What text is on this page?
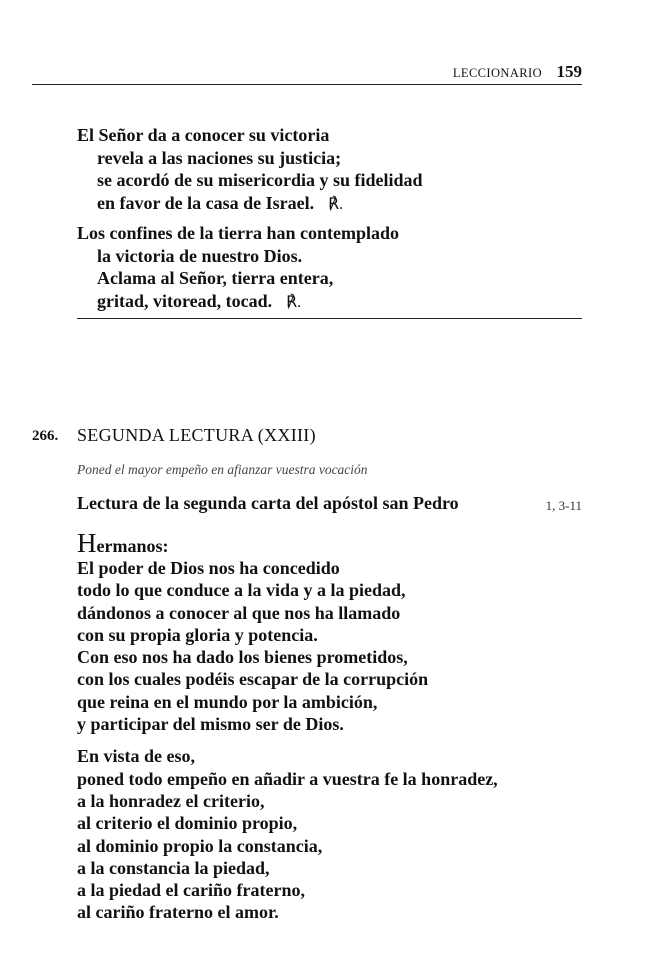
LECCIONARIO 159
El Señor da a conocer su victoria
revela a las naciones su justicia;
se acordó de su misericordia y su fidelidad
en favor de la casa de Israel. ℟.
Los confines de la tierra han contemplado
la victoria de nuestro Dios.
Aclama al Señor, tierra entera,
gritad, vitoread, tocad. ℟.
266. SEGUNDA LECTURA (XXIII)
Poned el mayor empeño en afianzar vuestra vocación
Lectura de la segunda carta del apóstol san Pedro	1, 3-11
Hermanos:
El poder de Dios nos ha concedido
todo lo que conduce a la vida y a la piedad,
dándonos a conocer al que nos ha llamado
con su propia gloria y potencia.
Con eso nos ha dado los bienes prometidos,
con los cuales podéis escapar de la corrupción
que reina en el mundo por la ambición,
y participar del mismo ser de Dios.
En vista de eso,
poned todo empeño en añadir a vuestra fe la honradez,
a la honradez el criterio,
al criterio el dominio propio,
al dominio propio la constancia,
a la constancia la piedad,
a la piedad el cariño fraterno,
al cariño fraterno el amor.
